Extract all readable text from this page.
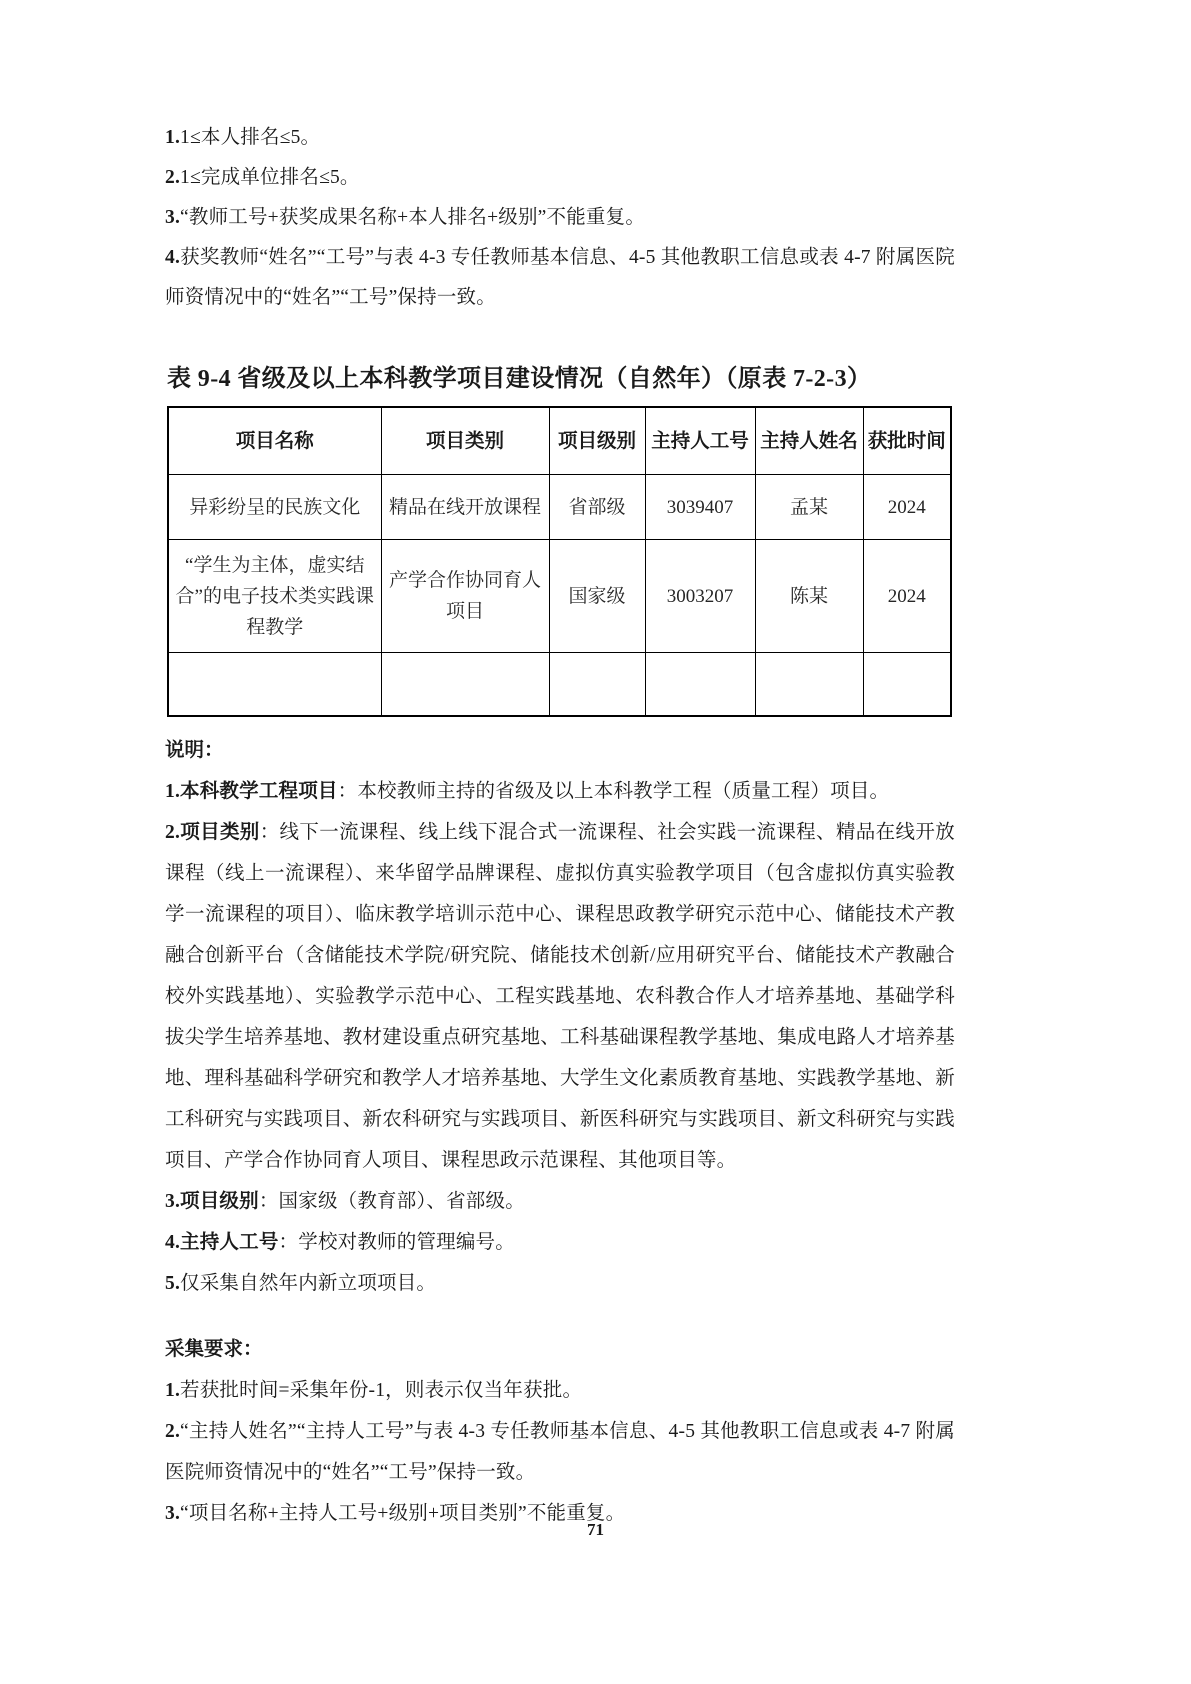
1.1≤本人排名≤5。

2.1≤完成单位排名≤5。

3.“教师工号+获奖成果名称+本人排名+级别”不能重复。

4.获奖教师“姓名”“工号”与表 4-3 专任教师基本信息、4-5 其他教职工信息或表 4-7 附属医院师资情况中的“姓名”“工号”保持一致。

表 9-4 省级及以上本科教学项目建设情况（自然年）（原表 7-2-3）
项目名称	项目类别	项目级别	主持人工号	主持人姓名	获批时间
异彩纷呈的民族文化	精品在线开放课程	省部级	3039407	孟某	2024
“学生为主体，虚实结合”的电子技术类实践课程教学	产学合作协同育人项目	国家级	3003207	陈某	2024

说明：

1.本科教学工程项目：本校教师主持的省级及以上本科教学工程（质量工程）项目。

2.项目类别：线下一流课程、线上线下混合式一流课程、社会实践一流课程、精品在线开放课程（线上一流课程）、来华留学品牌课程、虚拟仿真实验教学项目（包含虚拟仿真实验教学一流课程的项目）、临床教学培训示范中心、课程思政教学研究示范中心、储能技术产教融合创新平台（含储能技术学院/研究院、储能技术创新/应用研究平台、储能技术产教融合校外实践基地）、实验教学示范中心、工程实践基地、农科教合作人才培养基地、基础学科拔尖学生培养基地、教材建设重点研究基地、工科基础课程教学基地、集成电路人才培养基地、理科基础科学研究和教学人才培养基地、大学生文化素质教育基地、实践教学基地、新工科研究与实践项目、新农科研究与实践项目、新医科研究与实践项目、新文科研究与实践项目、产学合作协同育人项目、课程思政示范课程、其他项目等。

3.项目级别：国家级（教育部）、省部级。

4.主持人工号：学校对教师的管理编号。

5.仅采集自然年内新立项项目。

采集要求：

1.若获批时间=采集年份-1，则表示仅当年获批。

2.“主持人姓名”“主持人工号”与表 4-3 专任教师基本信息、4-5 其他教职工信息或表 4-7 附属医院师资情况中的“姓名”“工号”保持一致。

3.“项目名称+主持人工号+级别+项目类别”不能重复。

71
